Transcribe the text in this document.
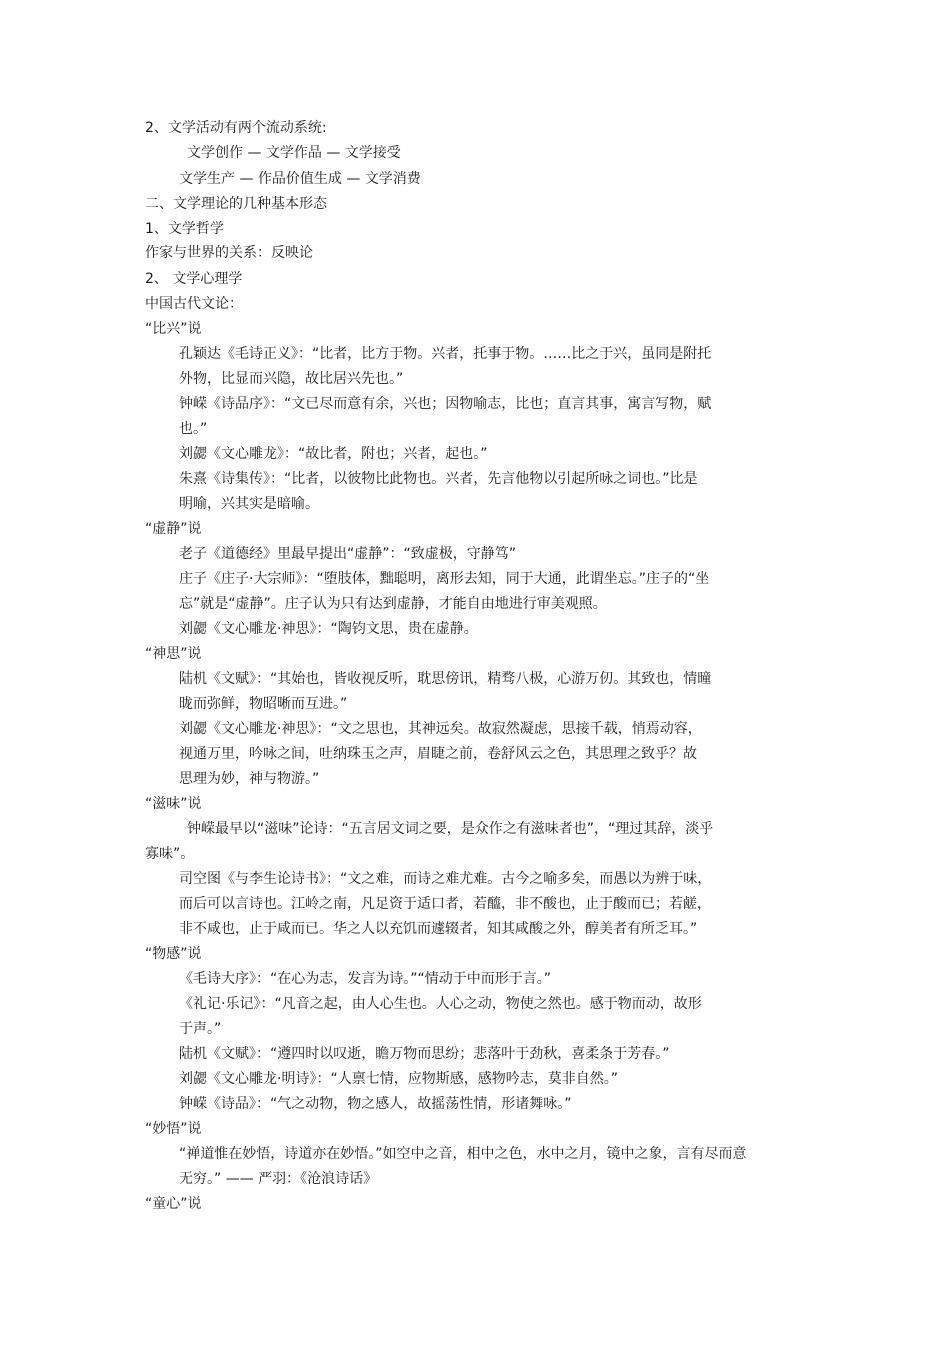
2、文学活动有两个流动系统:
文学创作 — 文学作品 — 文学接受
文学生产 — 作品价值生成 — 文学消费
二、文学理论的几种基本形态
1、文学哲学
作家与世界的关系：反映论
2、 文学心理学
中国古代文论：
“比兴”说
孔颖达《毛诗正义》：“比者，比方于物。兴者，托事于物。……比之于兴，虽同是附托
外物，比显而兴隐，故比居兴先也。”
钟嵘《诗品序》：“文已尽而意有余，兴也；因物喻志，比也；直言其事，寓言写物，赋
也。”
刘勰《文心雕龙》：“故比者，附也；兴者，起也。”
朱熹《诗集传》：“比者，以彼物比此物也。兴者，先言他物以引起所咏之词也。”比是
明喻，兴其实是暗喻。
“虚静”说
老子《道德经》里最早提出“虚静”：“致虚极，守静笃”
庄子《庄子·大宗师》：“堕肢体，黜聪明，离形去知，同于大通，此谓坐忘。”庄子的“坐
忘”就是“虚静”。庄子认为只有达到虚静，才能自由地进行审美观照。
刘勰《文心雕龙·神思》：“陶钧文思，贵在虚静。
“神思”说
陆机《文赋》：“其始也，皆收视反听，耽思傍讯，精骛八极，心游万仞。其致也，情曈
昽而弥鲜，物昭晰而互进。”
刘勰《文心雕龙·神思》：“文之思也，其神远矣。故寂然凝虑，思接千载，悄焉动容，
视通万里，吟咏之间，吐纳珠玉之声，眉睫之前，卷舒风云之色，其思理之致乎？故
思理为妙，神与物游。”
“滋味”说
钟嵘最早以“滋味”论诗：“五言居文词之要，是众作之有滋味者也”，“理过其辞，淡乎
寡味”。
司空图《与李生论诗书》：“文之难，而诗之难尤难。古今之喻多矣，而愚以为辨于味，
而后可以言诗也。江岭之南，凡足资于适口者，若醯，非不酸也，止于酸而已；若鹾，
非不咸也，止于咸而已。华之人以充饥而遽辍者，知其咸酸之外，醇美者有所乏耳。”
“物感”说
《毛诗大序》：“在心为志，发言为诗。”“情动于中而形于言。”
《礼记·乐记》：“凡音之起，由人心生也。人心之动，物使之然也。感于物而动，故形
于声。”
陆机《文赋》：“遵四时以叹逝，瞻万物而思纷；悲落叶于劲秋，喜柔条于芳春。”
刘勰《文心雕龙·明诗》：“人禀七情，应物斯感，感物吟志，莫非自然。”
钟嵘《诗品》：“气之动物，物之感人，故摇荡性情，形诸舞咏。”
“妙悟”说
“禅道惟在妙悟，诗道亦在妙悟。”如空中之音，相中之色，水中之月，镜中之象，言有尽而意
无穷。” —— 严羽：《沧浪诗话》
“童心”说
